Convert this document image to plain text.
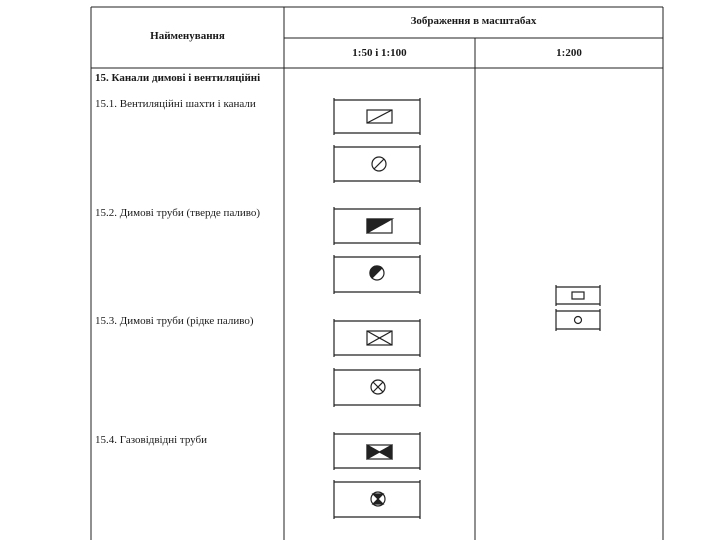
Найменування
Зображення в масштабах
1:50 і 1:100	1:200
15. Канали димові і вентиляційні
15.1. Вентиляційні шахти і канали
15.2. Димові труби (тверде паливо)
15.3. Димові труби (рідке паливо)
15.4. Газовідвідні труби
